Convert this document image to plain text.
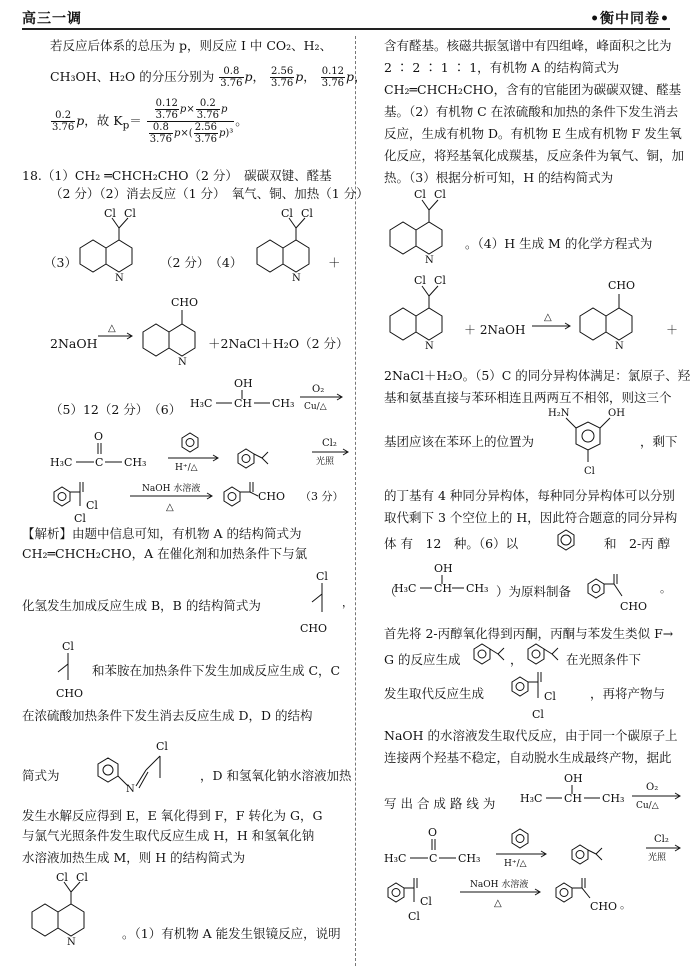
高三一调	•衡中同卷•
若反应后体系的总压为 p，则反应 Ⅰ 中 CO₂、H₂、
CH₃OH、H₂O 的分压分别为 $\frac{0.8}{3.76}$ p， $\frac{2.56}{3.76}$ p， $\frac{0.12}{3.76}$ p，
$\frac{0.2}{3.76}$ p，故 $K_p= \frac{\frac{0.12}{3.76} p\times \frac{0.2}{3.76} p}{\frac{0.8}{3.76} p\times( \frac{2.56}{3.76} p)^3}$ 。
18.（1）CH₂ ═CHCH₂CHO（2 分）　碳碳双键、醛基
（2 分）（2）消去反应（1 分）　氧气、铜、加热（1 分）
（3）
Cl Cl
N
（2 分）　（4）
Cl Cl
N
＋
2NaOH
△
CHO
N
＋2NaCl＋H₂O（2 分）
（5）12（2 分）　（6）
OH
H₃C CH CH₃
O₂
Cu/△
O
H₃C C CH₃	H⁺/△
Cl₂
光照
Cl
Cl
NaOH 水溶液
△
CHO （3 分）
【解析】由题中信息可知，有机物 A 的结构简式为
CH₂═CHCH₂CHO，A 在催化剂和加热条件下与氯
化氢发生加成反应生成 B，B 的结构简式为
Cl
CHO
，
Cl
CHO
和苯胺在加热条件下发生加成反应生成 C，C
在浓硫酸加热条件下发生消去反应生成 D，D 的结构
简式为
N
Cl
，D 和氢氧化钠水溶液加热
发生水解反应得到 E，E 氧化得到 F，F 转化为 G，G
与氯气光照条件发生取代反应生成 H，H 和氢氧化钠
水溶液加热生成 M，则 H 的结构简式为
Cl Cl
N
。（1）有机物 A 能发生银镜反应，说明
含有醛基。核磁共振氢谱中有四组峰，峰面积之比为
2 ∶ 2 ∶ 1 ∶ 1，有机物 A 的结构简式为
CH₂═CHCH₂CHO，含有的官能团为碳碳双键、醛基
基。（2）有机物 C 在浓硫酸和加热的条件下发生消去
反应，生成有机物 D。有机物 E 生成有机物 F 发生氧
化反应，将羟基氧化成羰基，反应条件为氧气、铜，加
热。（3）根据分析可知，H 的结构简式为
Cl Cl
N
。（4）H 生成 M 的化学方程式为
Cl Cl
N
＋ 2NaOH
△
CHO
N
＋
2NaCl＋H₂O。（5）C 的同分异构体满足：氯原子、羟
基和氨基直接与苯环相连且两两互不相邻，则这三个
基团应该在苯环上的位置为
H₂N	OH
Cl
，剩下
的丁基有 4 种同分异构体，每种同分异构体可以分别
取代剩下 3 个空位上的 H，因此符合题意的同分异构
体 有　12　种。（6）以	和　2-丙 醇
（
OH
H₃C CH CH₃ ）为原料制备
CHO
。
首先将 2-丙醇氧化得到丙酮，丙酮与苯发生类似 F→
G 的反应生成	，	在光照条件下
发生取代反应生成	Cl
Cl
，再将产物与
NaOH 的水溶液发生取代反应，由于同一个碳原子上
连接两个羟基不稳定，自动脱水生成最终产物，据此
写 出 合 成 路 线 为
OH
H₃C CH CH₃
O₂
Cu/△
O
H₃C C CH₃	H⁺/△
Cl₂
光照
Cl
Cl
NaOH 水溶液
△	CHO 。
